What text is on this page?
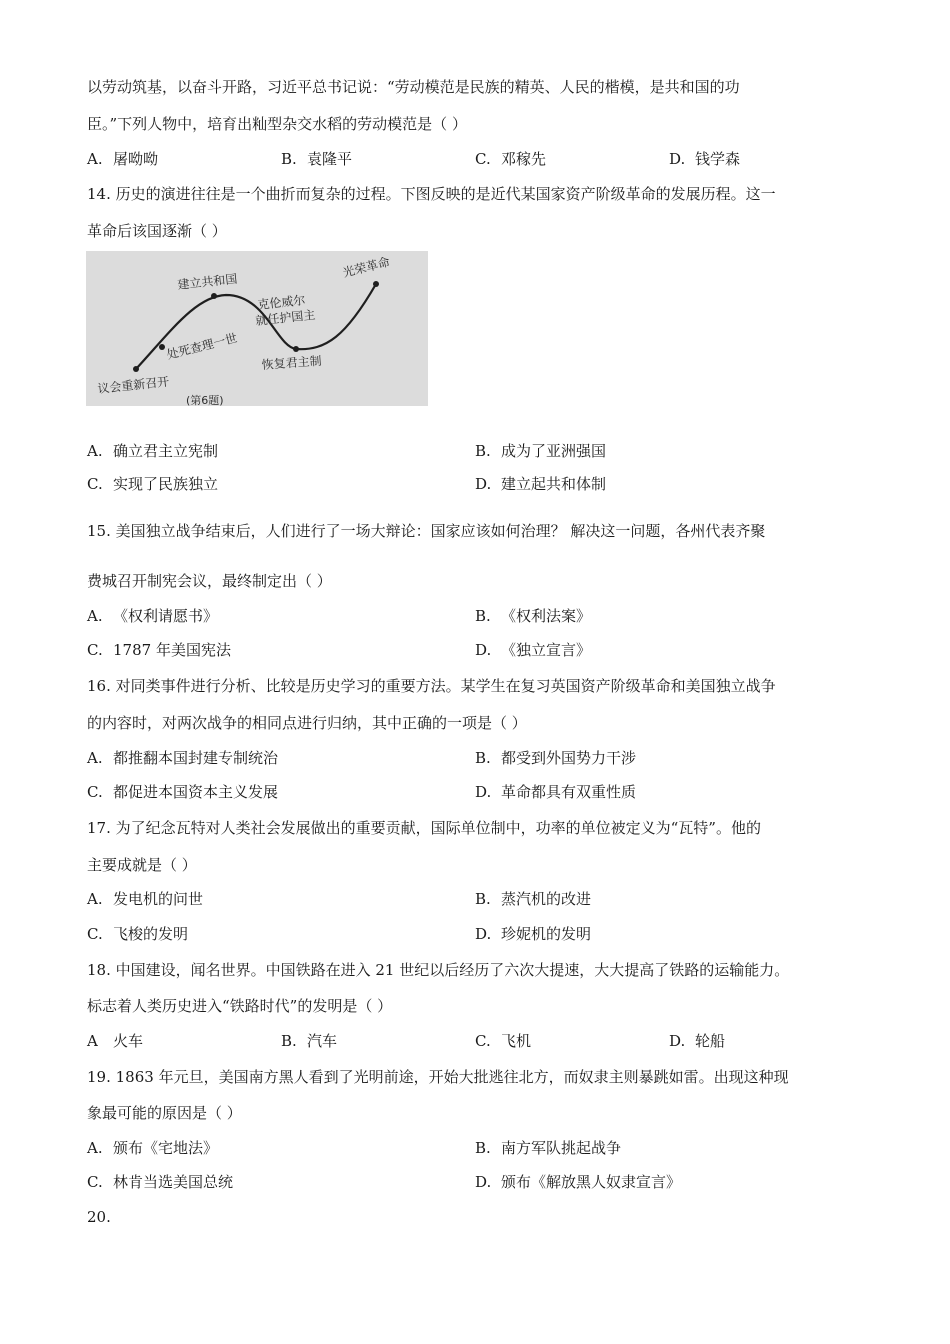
以劳动筑基，以奋斗开路，习近平总书记说：“劳动模范是民族的精英、人民的楷模，是共和国的功
臣。”下列人物中，培育出籼型杂交水稻的劳动模范是（ ）
A. 屠呦呦	B. 袁隆平	C. 邓稼先	D. 钱学森
14. 历史的演进往往是一个曲折而复杂的过程。下图反映的是近代某国家资产阶级革命的发展历程。这一
革命后该国逐渐（ ）
议会重新召开
处死查理一世
建立共和国
克伦威尔
就任护国主
恢复君主制
光荣革命
(第6题)
A. 确立君主立宪制	B. 成为了亚洲强国
C. 实现了民族独立	D. 建立起共和体制
15. 美国独立战争结束后，人们进行了一场大辩论：国家应该如何治理？ 解决这一问题，各州代表齐聚
费城召开制宪会议，最终制定出（ ）
A. 《权利请愿书》	B. 《权利法案》
C. 1787 年美国宪法	D. 《独立宣言》
16. 对同类事件进行分析、比较是历史学习的重要方法。某学生在复习英国资产阶级革命和美国独立战争
的内容时，对两次战争的相同点进行归纳，其中正确的一项是（ ）
A. 都推翻本国封建专制统治	B. 都受到外国势力干涉
C. 都促进本国资本主义发展	D. 革命都具有双重性质
17. 为了纪念瓦特对人类社会发展做出的重要贡献，国际单位制中，功率的单位被定义为“瓦特”。他的
主要成就是（ ）
A. 发电机的问世	B. 蒸汽机的改进
C. 飞梭的发明	D. 珍妮机的发明
18. 中国建设，闻名世界。中国铁路在进入 21 世纪以后经历了六次大提速，大大提高了铁路的运输能力。
标志着人类历史进入“铁路时代”的发明是（ ）
A 火车	B. 汽车	C. 飞机	D. 轮船
19. 1863 年元旦，美国南方黑人看到了光明前途，开始大批逃往北方，而奴隶主则暴跳如雷。出现这种现
象最可能的原因是（ ）
A. 颁布《宅地法》	B. 南方军队挑起战争
C. 林肯当选美国总统	D. 颁布《解放黑人奴隶宣言》
20.
